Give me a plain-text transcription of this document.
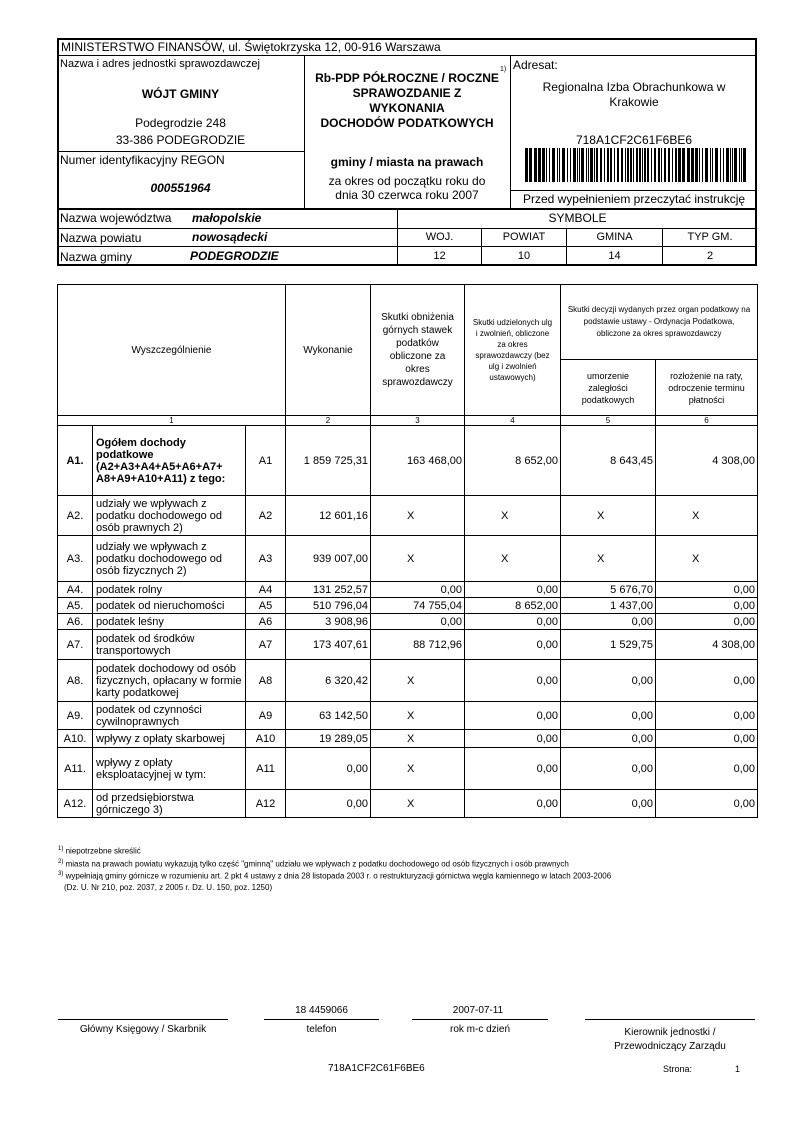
MINISTERSTWO FINANSÓW, ul. Świętokrzyska 12, 00-916 Warszawa
Nazwa i adres jednostki sprawozdawczej
WÓJT GMINY
Podegrodzie 248
33-386 PODEGRODZIE
Numer identyfikacyjny REGON
000551964
Rb-PDP PÓŁROCZNE / ROCZNE
SPRAWOZDANIE Z
WYKONANIA
DOCHODÓW PODATKOWYCH
1)
gminy / miasta na prawach
za okres od początku roku do
dnia 30 czerwca roku 2007
Adresat:
Regionalna Izba Obrachunkowa w
Krakowie
718A1CF2C61F6BE6
Przed wypełnieniem przeczytać instrukcję
Nazwa województwa małopolskie	SYMBOLE
Nazwa powiatu	nowosądecki
Nazwa gminy	PODEGRODZIE
WOJ.	POWIAT	GMINA	TYP GM.
12	10	14	2
Wyszczególnienie			Wykonanie	Skutki obniżenia górnych stawek podatków obliczone za okres sprawozdawczy	Skutki udzielonych ulg i zwolnień, obliczone za okres sprawozdawczy (bez ulg i zwolnień ustawowych)	Skutki decyzji wydanych przez organ podatkowy na podstawie ustawy - Ordynacja Podatkowa, obliczone za okres sprawozdawczy	
						umorzenie zaległości podatkowych	rozłożenie na raty, odroczenie terminu płatności
1			2	3	4	5	6
A1.	Ogółem dochody podatkowe (A2+A3+A4+A5+A6+A7+ A8+A9+A10+A11) z tego:	A1	1 859 725,31	163 468,00	8 652,00	8 643,45	4 308,00
A2.	udziały we wpływach z podatku dochodowego od osób prawnych 2)	A2	12 601,16	X	X	X	X
A3.	udziały we wpływach z podatku dochodowego od osób fizycznych 2)	A3	939 007,00	X	X	X	X
A4.	podatek rolny	A4	131 252,57	0,00	0,00	5 676,70	0,00
A5.	podatek od nieruchomości	A5	510 796,04	74 755,04	8 652,00	1 437,00	0,00
A6.	podatek leśny	A6	3 908,96	0,00	0,00	0,00	0,00
A7.	podatek od środków transportowych	A7	173 407,61	88 712,96	0,00	1 529,75	4 308,00
A8.	podatek dochodowy od osób fizycznych, opłacany w formie karty podatkowej	A8	6 320,42	X	0,00	0,00	0,00
A9.	podatek od czynności cywilnoprawnych	A9	63 142,50	X	0,00	0,00	0,00
A10.	wpływy z opłaty skarbowej	A10	19 289,05	X	0,00	0,00	0,00
A11.	wpływy z opłaty eksploatacyjnej w tym:	A11	0,00	X	0,00	0,00	0,00
A12.	od przedsiębiorstwa górniczego 3)	A12	0,00	X	0,00	0,00	0,00
$^{1)}$ niepotrzebne skreślić
$^{2)}$ miasta na prawach powiatu wykazują tylko część "gminną" udziału we wpływach z podatku dochodowego od osób fizycznych i osób prawnych
$^{3)}$ wypełniają gminy górnicze w rozumieniu art. 2 pkt 4 ustawy z dnia 28 listopada 2003 r. o restrukturyzacji górnictwa węgla kamiennego w latach 2003-2006
(Dz. U. Nr 210, poz. 2037, z 2005 r. Dz. U. 150, poz. 1250)
18 4459066	2007-07-11
Główny Księgowy / Skarbnik	telefon	rok m-c dzień	Kierownik jednostki /
Przewodniczący Zarządu
718A1CF2C61F6BE6	Strona:	1
